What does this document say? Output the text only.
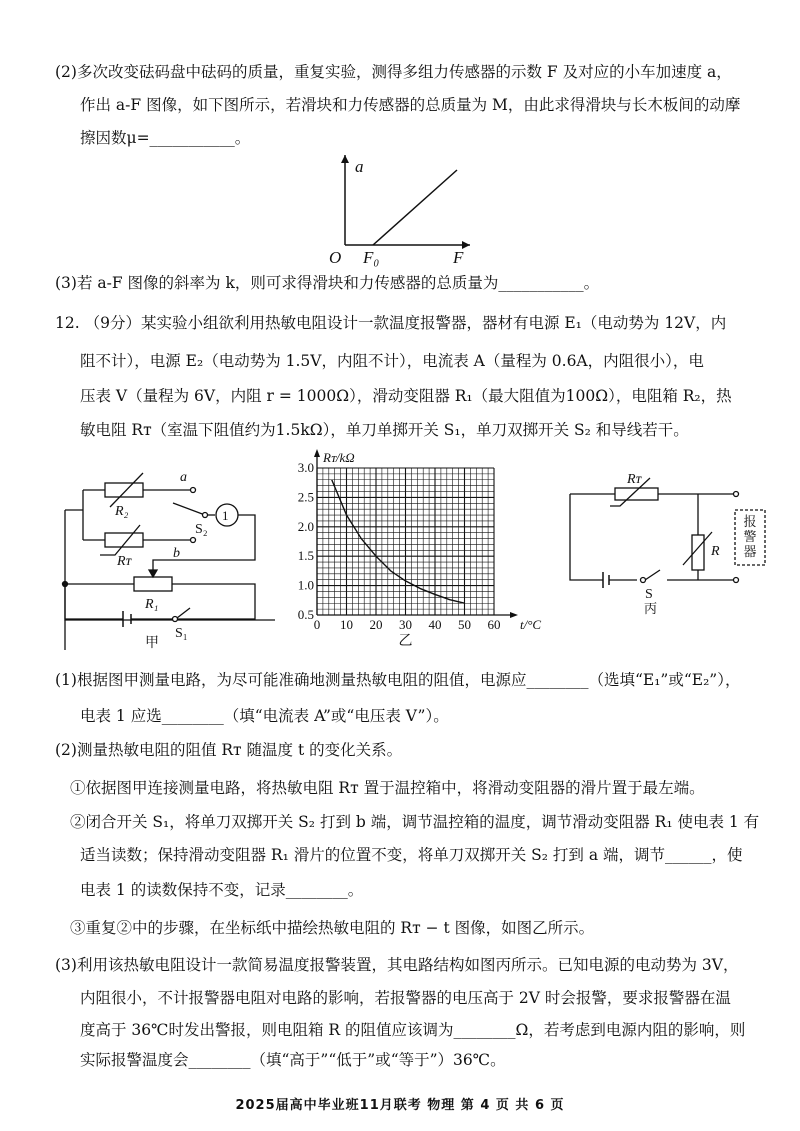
(2)多次改变砝码盘中砝码的质量，重复实验，测得多组力传感器的示数 F 及对应的小车加速度 a，
作出 a-F 图像，如下图所示，若滑块和力传感器的总质量为 M，由此求得滑块与长木板间的动摩
擦因数μ=___________。
a
O F₀	F
(3)若 a-F 图像的斜率为 k，则可求得滑块和力传感器的总质量为___________。
12. （9分）某实验小组欲利用热敏电阻设计一款温度报警器，器材有电源 E₁（电动势为 12V，内
阻不计），电源 E₂（电动势为 1.5V，内阻不计），电流表 A（量程为 0.6A，内阻很小），电
压表 V（量程为 6V，内阻 r = 1000Ω），滑动变阻器 R₁（最大阻值为100Ω），电阻箱 R₂，热
敏电阻 Rᴛ（室温下阻值约为1.5kΩ），单刀单掷开关 S₁，单刀双掷开关 S₂ 和导线若干。
a
R₂
S₂
1
Rᴛ
b
R₁
S₁
甲
0 10 20 30 40 50 60
0.5
1.0
1.5
2.0
2.5
3.0
t/°C
Rᴛ/kΩ
乙
Rᴛ
R
S
丙
报警器
(1)根据图甲测量电路，为尽可能准确地测量热敏电阻的阻值，电源应________（选填“E₁”或“E₂”），
电表 1 应选________（填“电流表 A”或“电压表 V”）。
(2)测量热敏电阻的阻值 Rᴛ 随温度 t 的变化关系。
①依据图甲连接测量电路，将热敏电阻 Rᴛ 置于温控箱中，将滑动变阻器的滑片置于最左端。
②闭合开关 S₁，将单刀双掷开关 S₂ 打到 b 端，调节温控箱的温度，调节滑动变阻器 R₁ 使电表 1 有
适当读数；保持滑动变阻器 R₁ 滑片的位置不变，将单刀双掷开关 S₂ 打到 a 端，调节______，使
电表 1 的读数保持不变，记录________。
③重复②中的步骤，在坐标纸中描绘热敏电阻的 Rᴛ − t 图像，如图乙所示。
(3)利用该热敏电阻设计一款简易温度报警装置，其电路结构如图丙所示。已知电源的电动势为 3V，
内阻很小，不计报警器电阻对电路的影响，若报警器的电压高于 2V 时会报警，要求报警器在温
度高于 36℃时发出警报，则电阻箱 R 的阻值应该调为________Ω，若考虑到电源内阻的影响，则
实际报警温度会________（填“高于”“低于”或“等于”）36℃。
2025届高中毕业班11月联考 物理 第 4 页 共 6 页
